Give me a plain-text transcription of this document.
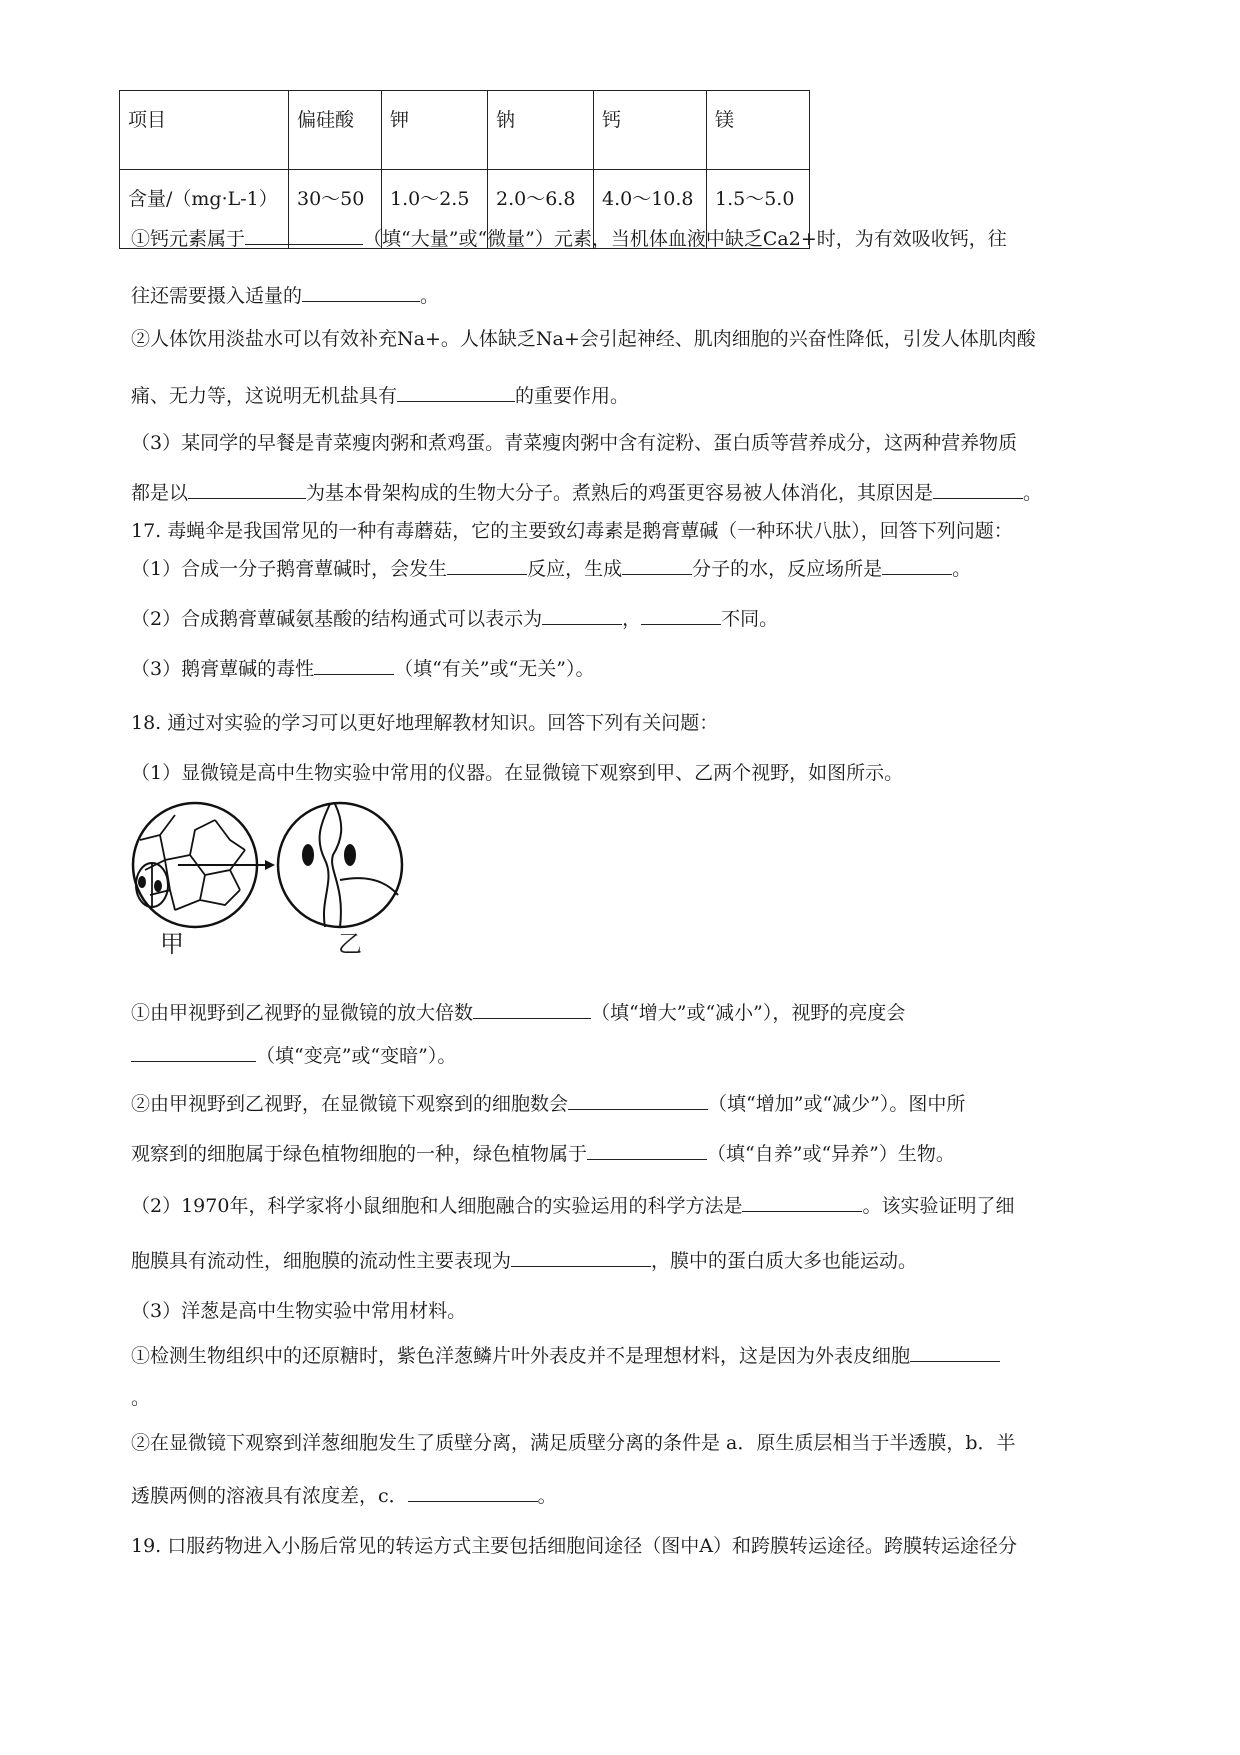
项目	偏硅酸	钾	钠	钙	镁
含量/（mg·L-1）	30～50	1.0～2.5	2.0～6.8	4.0～10.8	1.5～5.0
①钙元素属于	（填“大量”或“微量”）元素，当机体血液中缺乏Ca2+时，为有效吸收钙，往
往还需要摄入适量的	。
②人体饮用淡盐水可以有效补充Na+。人体缺乏Na+会引起神经、肌肉细胞的兴奋性降低，引发人体肌肉酸
痛、无力等，这说明无机盐具有	的重要作用。
（3）某同学的早餐是青菜瘦肉粥和煮鸡蛋。青菜瘦肉粥中含有淀粉、蛋白质等营养成分，这两种营养物质
都是以	为基本骨架构成的生物大分子。煮熟后的鸡蛋更容易被人体消化，其原因是	。
17. 毒蝇伞是我国常见的一种有毒蘑菇，它的主要致幻毒素是鹅膏蕈碱（一种环状八肽），回答下列问题：
（1）合成一分子鹅膏蕈碱时，会发生	反应，生成	分子的水，反应场所是	。
（2）合成鹅膏蕈碱氨基酸的结构通式可以表示为	，	不同。
（3）鹅膏蕈碱的毒性	（填“有关”或“无关”）。
18. 通过对实验的学习可以更好地理解教材知识。回答下列有关问题：
（1）显微镜是高中生物实验中常用的仪器。在显微镜下观察到甲、乙两个视野，如图所示。
甲	乙
①由甲视野到乙视野的显微镜的放大倍数	（填“增大”或“减小”），视野的亮度会
（填“变亮”或“变暗”）。
②由甲视野到乙视野，在显微镜下观察到的细胞数会	（填“增加”或“减少”）。图中所
观察到的细胞属于绿色植物细胞的一种，绿色植物属于	（填“自养”或“异养”）生物。
（2）1970年，科学家将小鼠细胞和人细胞融合的实验运用的科学方法是	。该实验证明了细
胞膜具有流动性，细胞膜的流动性主要表现为	，膜中的蛋白质大多也能运动。
（3）洋葱是高中生物实验中常用材料。
①检测生物组织中的还原糖时，紫色洋葱鳞片叶外表皮并不是理想材料，这是因为外表皮细胞
。
②在显微镜下观察到洋葱细胞发生了质壁分离，满足质壁分离的条件是 a．原生质层相当于半透膜，b．半
透膜两侧的溶液具有浓度差，c．	。
19. 口服药物进入小肠后常见的转运方式主要包括细胞间途径（图中A）和跨膜转运途径。跨膜转运途径分
